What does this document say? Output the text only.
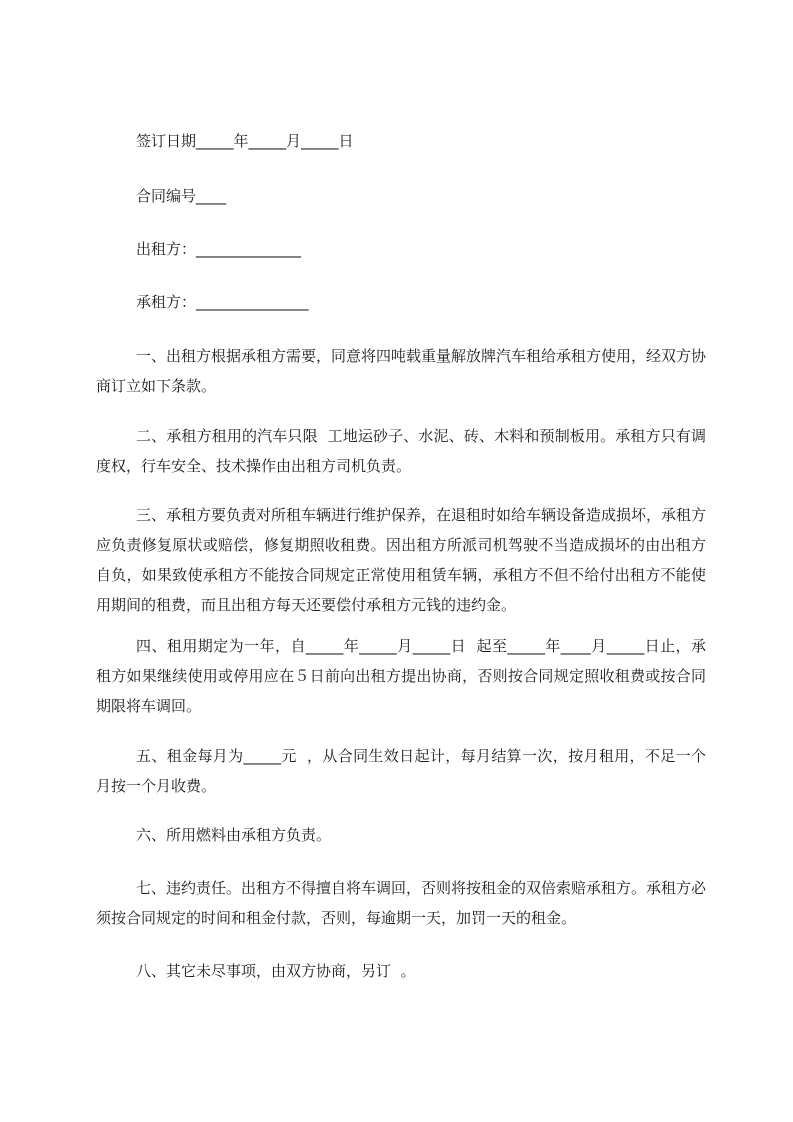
签订日期_____年_____月_____日
合同编号____
出租方：______________
承租方：_______________
一、出租方根据承租方需要，同意将四吨载重量解放牌汽车租给承租方使用，经双方协商订立如下条款。
二、承租方租用的汽车只限  工地运砂子、水泥、砖、木料和预制板用。承租方只有调度权，行车安全、技术操作由出租方司机负责。
三、承租方要负责对所租车辆进行维护保养，在退租时如给车辆设备造成损坏，承租方应负责修复原状或赔偿，修复期照收租费。因出租方所派司机驾驶不当造成损坏的由出租方自负，如果致使承租方不能按合同规定正常使用租赁车辆，承租方不但不给付出租方不能使用期间的租费，而且出租方每天还要偿付承租方元钱的违约金。
四、租用期定为一年，自_____年_____月_____日  起至_____年____月_____日止，承租方如果继续使用或停用应在５日前向出租方提出协商，否则按合同规定照收租费或按合同期限将车调回。
五、租金每月为_____元  ，从合同生效日起计，每月结算一次，按月租用，不足一个月按一个月收费。
六、所用燃料由承租方负责。
七、违约责任。出租方不得擅自将车调回，否则将按租金的双倍索赔承租方。承租方必须按合同规定的时间和租金付款，否则，每逾期一天，加罚一天的租金。
八、其它未尽事项，由双方协商，另订  。
